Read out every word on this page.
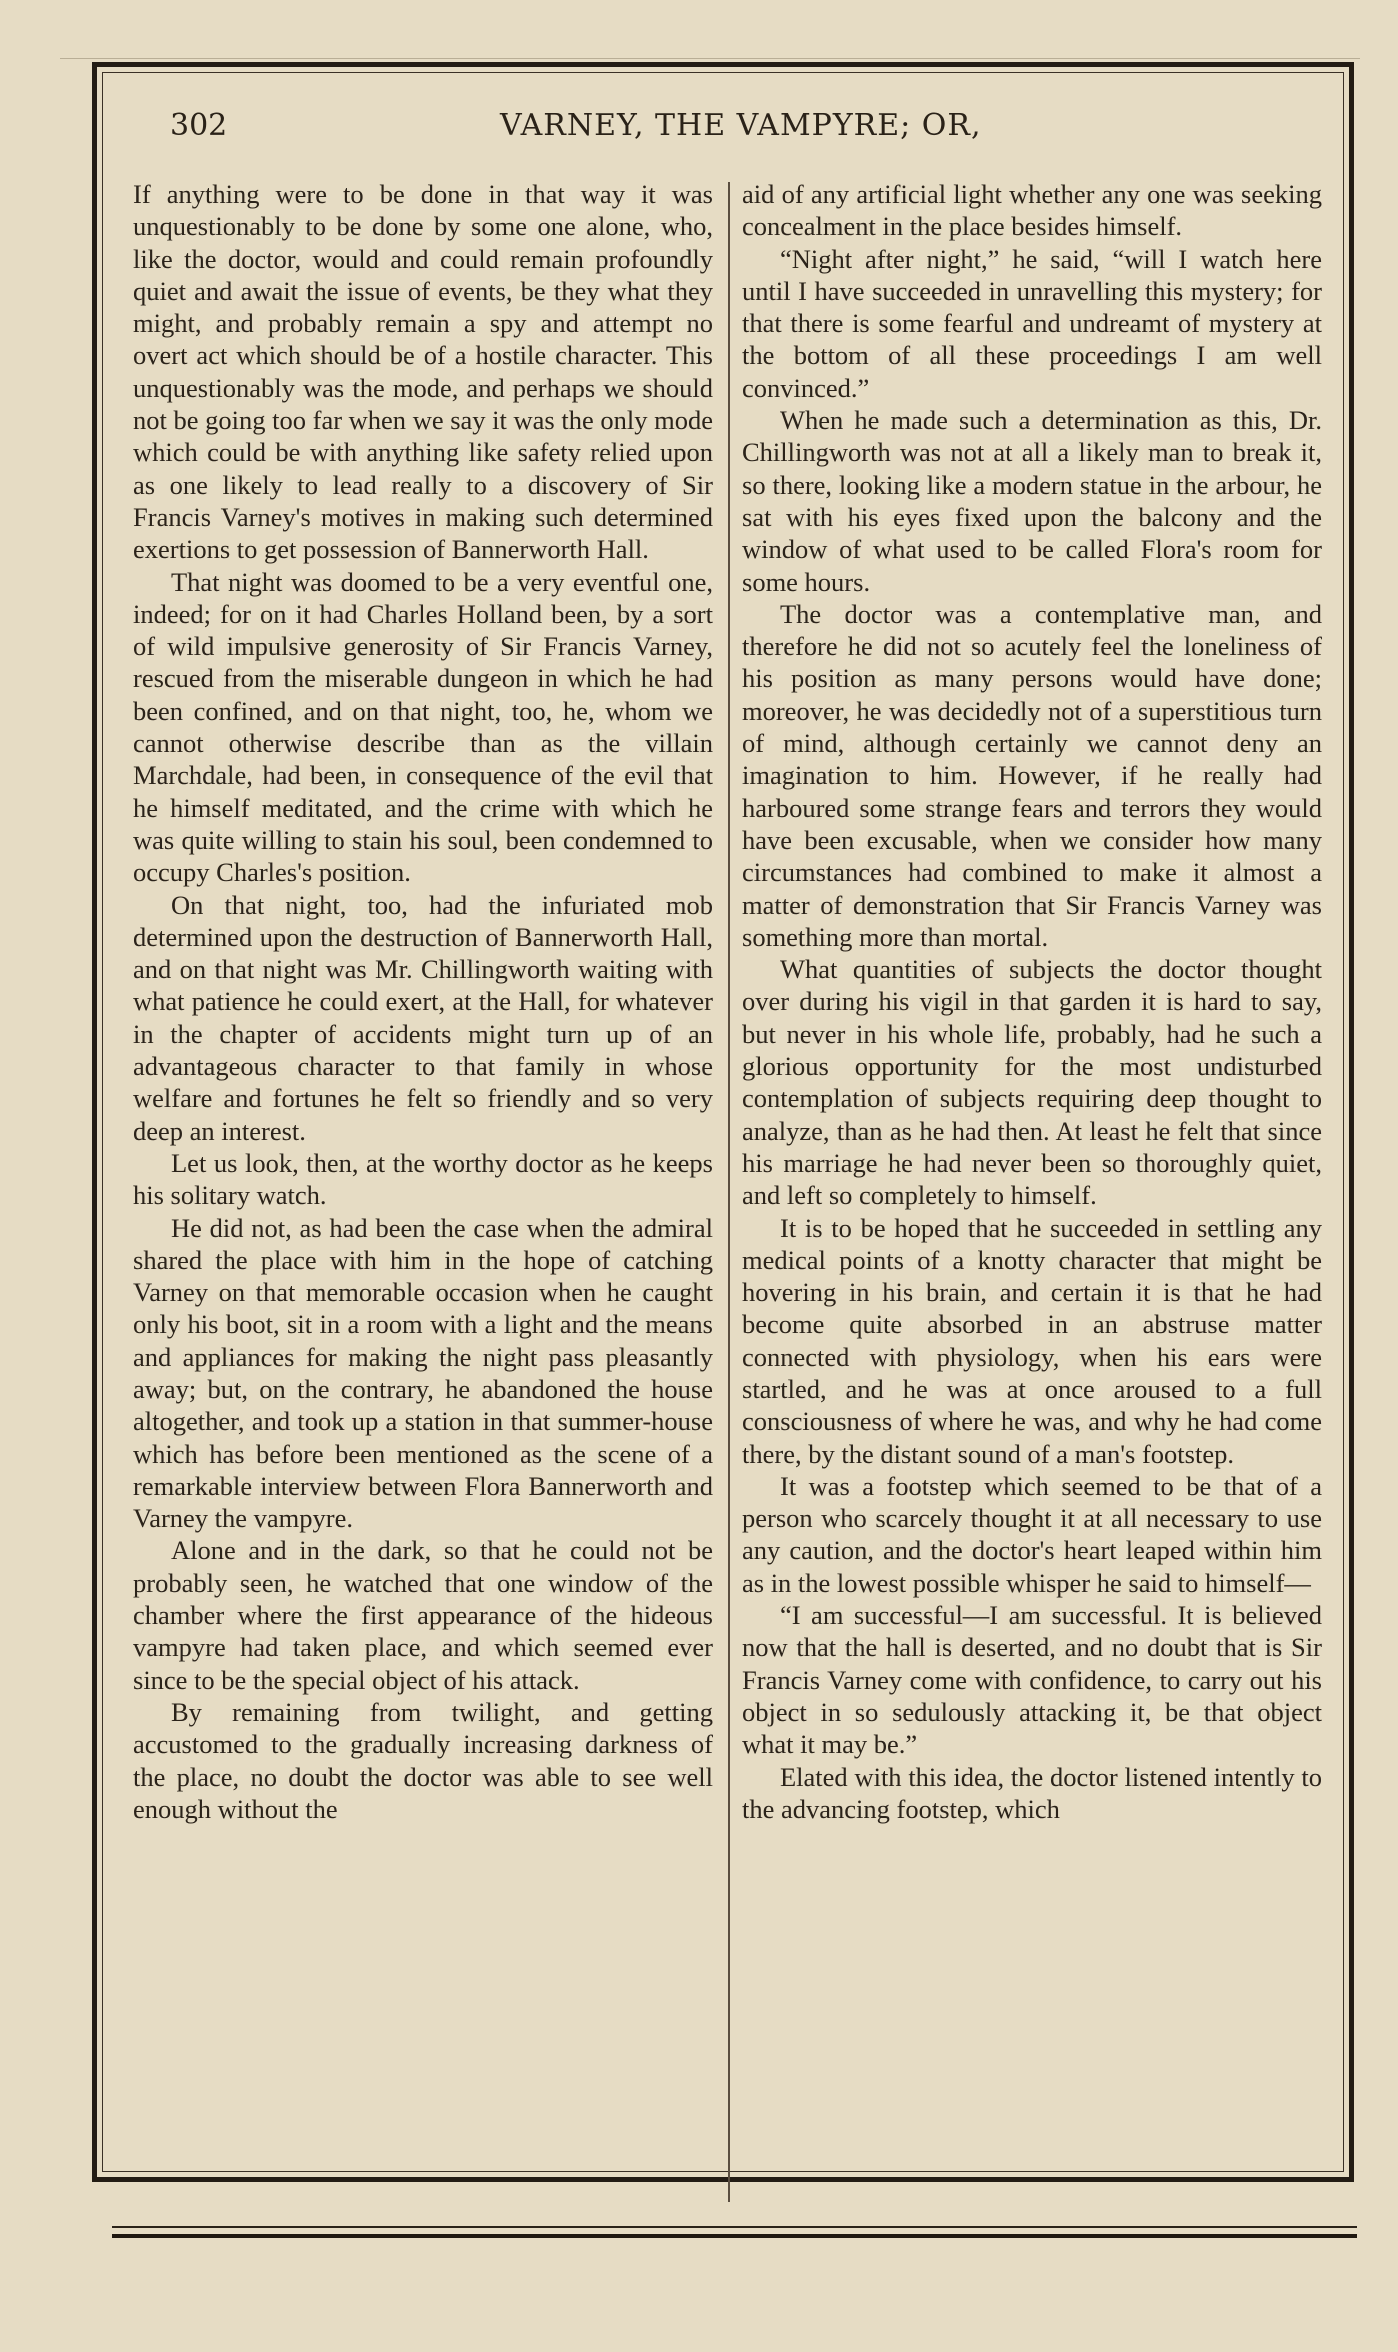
302	VARNEY, THE VAMPYRE; OR,

If anything were to be done in that way it was unquestionably to be done by some one alone, who, like the doctor, would and could remain profoundly quiet and await the issue of events, be they what they might, and probably remain a spy and attempt no overt act which should be of a hostile character. This unquestionably was the mode, and perhaps we should not be going too far when we say it was the only mode which could be with anything like safety relied upon as one likely to lead really to a discovery of Sir Francis Varney's motives in making such determined exertions to get possession of Bannerworth Hall.

That night was doomed to be a very eventful one, indeed; for on it had Charles Holland been, by a sort of wild impulsive generosity of Sir Francis Varney, rescued from the miserable dungeon in which he had been confined, and on that night, too, he, whom we cannot otherwise describe than as the villain Marchdale, had been, in consequence of the evil that he himself meditated, and the crime with which he was quite willing to stain his soul, been condemned to occupy Charles's position.

On that night, too, had the infuriated mob determined upon the destruction of Bannerworth Hall, and on that night was Mr. Chillingworth waiting with what patience he could exert, at the Hall, for whatever in the chapter of accidents might turn up of an advantageous character to that family in whose welfare and fortunes he felt so friendly and so very deep an interest.

Let us look, then, at the worthy doctor as he keeps his solitary watch.

He did not, as had been the case when the admiral shared the place with him in the hope of catching Varney on that memorable occasion when he caught only his boot, sit in a room with a light and the means and appliances for making the night pass pleasantly away; but, on the contrary, he abandoned the house altogether, and took up a station in that summer-house which has before been mentioned as the scene of a remarkable interview between Flora Bannerworth and Varney the vampyre.

Alone and in the dark, so that he could not be probably seen, he watched that one window of the chamber where the first appearance of the hideous vampyre had taken place, and which seemed ever since to be the special object of his attack.

By remaining from twilight, and getting accustomed to the gradually increasing darkness of the place, no doubt the doctor was able to see well enough without the

aid of any artificial light whether any one was seeking concealment in the place besides himself.

“Night after night,” he said, “will I watch here until I have succeeded in unravelling this mystery; for that there is some fearful and undreamt of mystery at the bottom of all these proceedings I am well convinced.”

When he made such a determination as this, Dr. Chillingworth was not at all a likely man to break it, so there, looking like a modern statue in the arbour, he sat with his eyes fixed upon the balcony and the window of what used to be called Flora's room for some hours.

The doctor was a contemplative man, and therefore he did not so acutely feel the loneliness of his position as many persons would have done; moreover, he was decidedly not of a superstitious turn of mind, although certainly we cannot deny an imagination to him. However, if he really had harboured some strange fears and terrors they would have been excusable, when we consider how many circumstances had combined to make it almost a matter of demonstration that Sir Francis Varney was something more than mortal.

What quantities of subjects the doctor thought over during his vigil in that garden it is hard to say, but never in his whole life, probably, had he such a glorious opportunity for the most undisturbed contemplation of subjects requiring deep thought to analyze, than as he had then. At least he felt that since his marriage he had never been so thoroughly quiet, and left so completely to himself.

It is to be hoped that he succeeded in settling any medical points of a knotty character that might be hovering in his brain, and certain it is that he had become quite absorbed in an abstruse matter connected with physiology, when his ears were startled, and he was at once aroused to a full consciousness of where he was, and why he had come there, by the distant sound of a man's footstep.

It was a footstep which seemed to be that of a person who scarcely thought it at all necessary to use any caution, and the doctor's heart leaped within him as in the lowest possible whisper he said to himself—

“I am successful—I am successful. It is believed now that the hall is deserted, and no doubt that is Sir Francis Varney come with confidence, to carry out his object in so sedulously attacking it, be that object what it may be.”

Elated with this idea, the doctor listened intently to the advancing footstep, which
